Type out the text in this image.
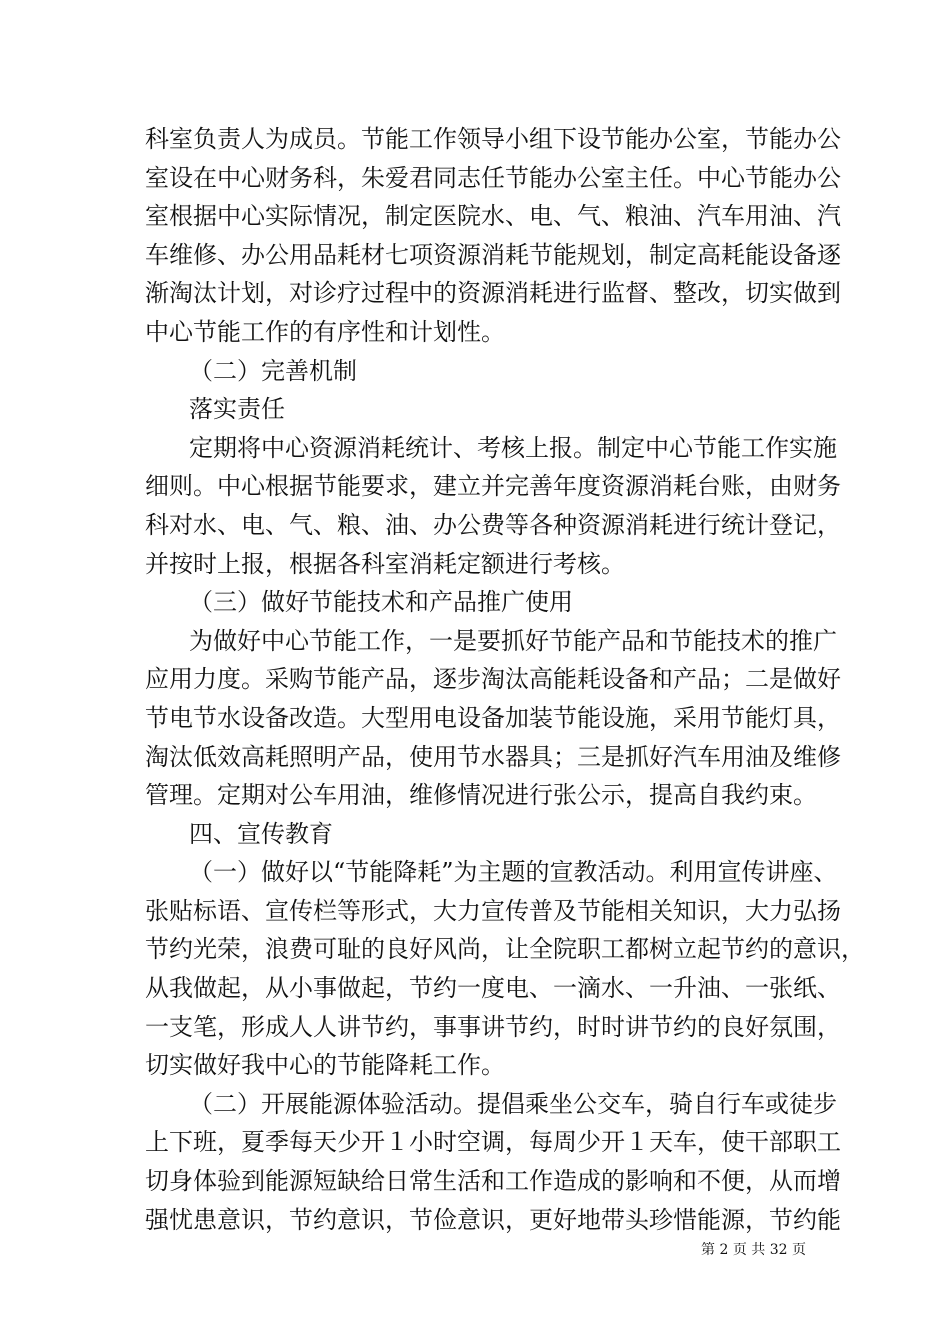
科室负责人为成员。节能工作领导小组下设节能办公室，节能办公
室设在中心财务科，朱爱君同志任节能办公室主任。中心节能办公
室根据中心实际情况，制定医院水、电、气、粮油、汽车用油、汽
车维修、办公用品耗材七项资源消耗节能规划，制定高耗能设备逐
渐淘汰计划，对诊疗过程中的资源消耗进行监督、整改，切实做到
中心节能工作的有序性和计划性。
（二）完善机制
落实责任
定期将中心资源消耗统计、考核上报。制定中心节能工作实施
细则。中心根据节能要求，建立并完善年度资源消耗台账，由财务
科对水、电、气、粮、油、办公费等各种资源消耗进行统计登记，
并按时上报，根据各科室消耗定额进行考核。
（三）做好节能技术和产品推广使用
为做好中心节能工作，一是要抓好节能产品和节能技术的推广
应用力度。采购节能产品，逐步淘汰高能耗设备和产品；二是做好
节电节水设备改造。大型用电设备加装节能设施，采用节能灯具，
淘汰低效高耗照明产品，使用节水器具；三是抓好汽车用油及维修
管理。定期对公车用油，维修情况进行张公示，提高自我约束。
四、宣传教育
（一）做好以“节能降耗”为主题的宣教活动。利用宣传讲座、
张贴标语、宣传栏等形式，大力宣传普及节能相关知识，大力弘扬
节约光荣，浪费可耻的良好风尚，让全院职工都树立起节约的意识，
从我做起，从小事做起，节约一度电、一滴水、一升油、一张纸、
一支笔，形成人人讲节约，事事讲节约，时时讲节约的良好氛围，
切实做好我中心的节能降耗工作。
（二）开展能源体验活动。提倡乘坐公交车，骑自行车或徒步
上下班，夏季每天少开１小时空调，每周少开１天车，使干部职工
切身体验到能源短缺给日常生活和工作造成的影响和不便，从而增
强忧患意识，节约意识，节俭意识，更好地带头珍惜能源，节约能
第 2 页 共 32 页
